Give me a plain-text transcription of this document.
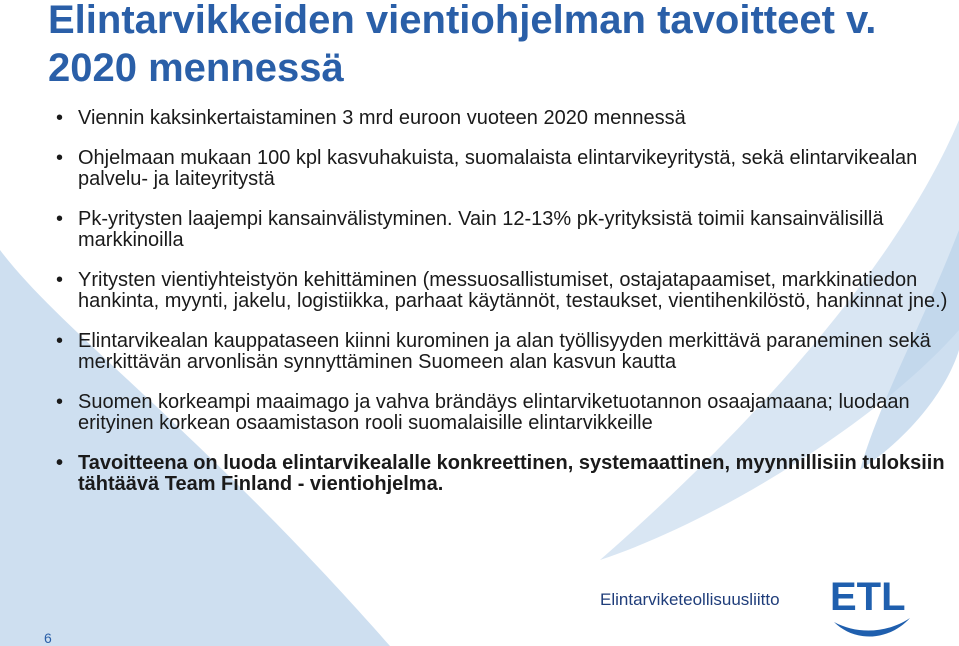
Elintarvikkeiden vientiohjelman tavoitteet v. 2020 mennessä
• Viennin kaksinkertaistaminen 3 mrd euroon vuoteen 2020 mennessä
• Ohjelmaan mukaan 100 kpl kasvuhakuista, suomalaista elintarvikeyritystä, sekä elintarvikealan palvelu- ja laiteyritystä
• Pk-yritysten laajempi kansainvälistyminen. Vain 12-13% pk-yrityksistä toimii kansainvälisillä markkinoilla
• Yritysten vientiyhteistyön kehittäminen (messuosallistumiset, ostajatapaamiset, markkinatiedon hankinta, myynti, jakelu, logistiikka, parhaat käytännöt, testaukset, vientihenkilöstö, hankinnat jne.)
• Elintarvikealan kauppataseen kiinni kurominen ja alan työllisyyden merkittävä paraneminen sekä merkittävän arvonlisän synnyttäminen Suomeen alan kasvun kautta
• Suomen korkeampi maaimago ja vahva brändäys elintarviketuotannon osaajamaana; luodaan erityinen korkean osaamistason rooli suomalaisille elintarvikkeille
• Tavoitteena on luoda elintarvikealalle konkreettinen, systemaattinen, myynnillisiin tuloksiin tähtäävä Team Finland - vientiohjelma.
Elintarviketeollisuusliitto ETL
6
